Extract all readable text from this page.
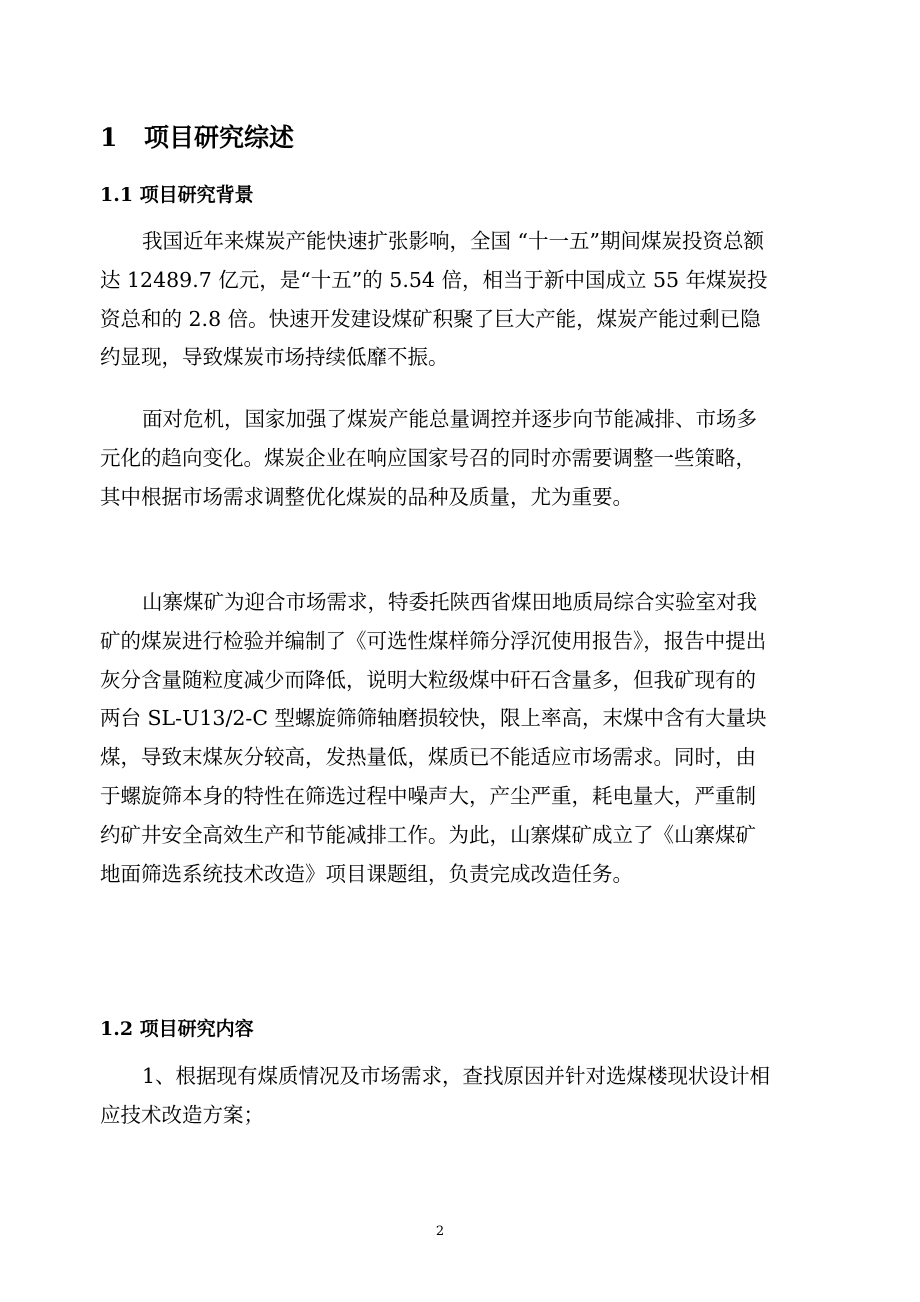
1 项目研究综述
1.1 项目研究背景

我国近年来煤炭产能快速扩张影响，全国 “十一五”期间煤炭投资总额达 12489.7 亿元，是“十五”的 5.54 倍，相当于新中国成立 55 年煤炭投资总和的 2.8 倍。快速开发建设煤矿积聚了巨大产能，煤炭产能过剩已隐约显现，导致煤炭市场持续低靡不振。

面对危机，国家加强了煤炭产能总量调控并逐步向节能减排、市场多元化的趋向变化。煤炭企业在响应国家号召的同时亦需要调整一些策略，其中根据市场需求调整优化煤炭的品种及质量，尤为重要。

山寨煤矿为迎合市场需求，特委托陕西省煤田地质局综合实验室对我矿的煤炭进行检验并编制了《可选性煤样筛分浮沉使用报告》，报告中提出灰分含量随粒度减少而降低，说明大粒级煤中矸石含量多，但我矿现有的两台 SL-U13/2-C 型螺旋筛筛轴磨损较快，限上率高，末煤中含有大量块煤，导致末煤灰分较高，发热量低，煤质已不能适应市场需求。同时，由于螺旋筛本身的特性在筛选过程中噪声大，产尘严重，耗电量大，严重制约矿井安全高效生产和节能减排工作。为此，山寨煤矿成立了《山寨煤矿地面筛选系统技术改造》项目课题组，负责完成改造任务。

1.2 项目研究内容

1、根据现有煤质情况及市场需求，查找原因并针对选煤楼现状设计相应技术改造方案；

2
